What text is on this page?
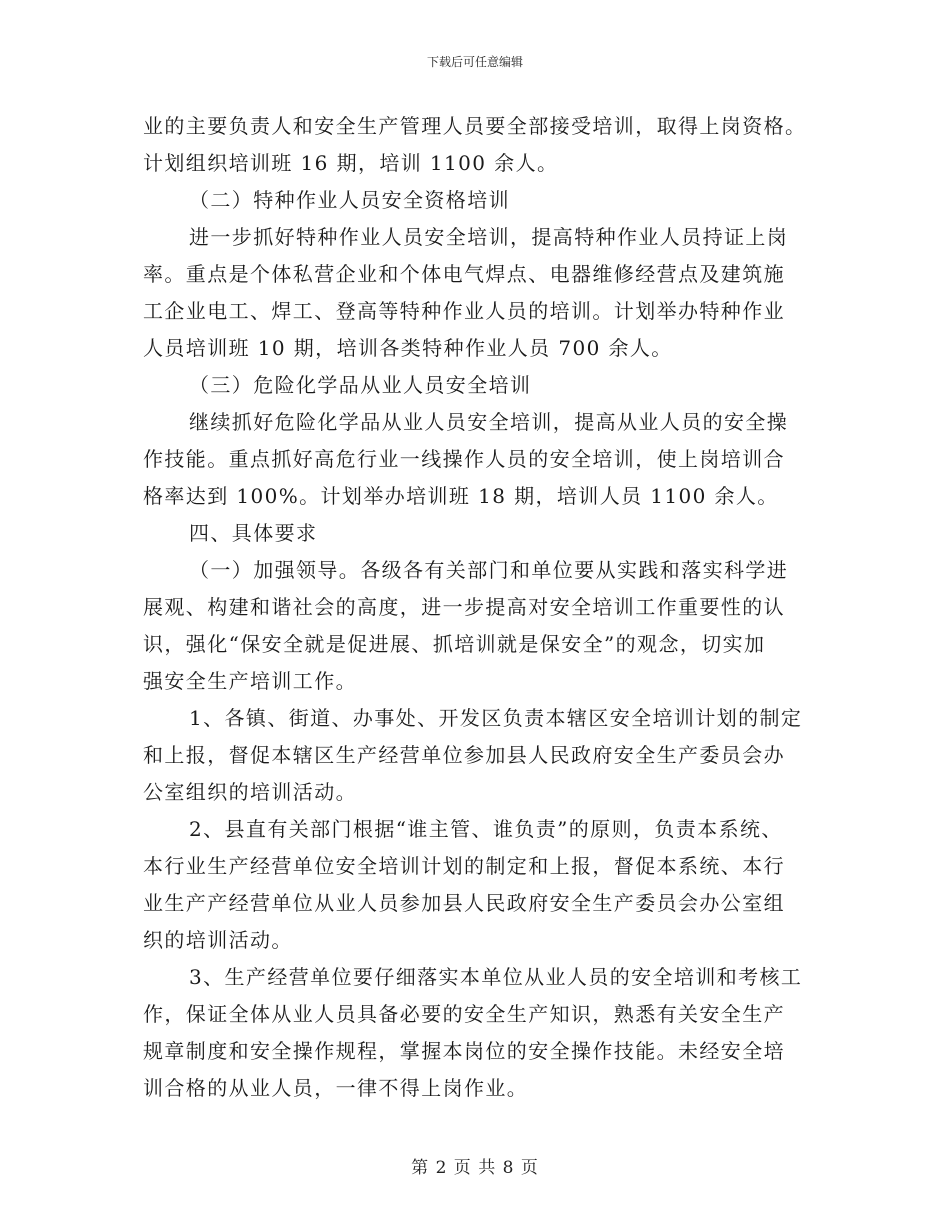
下载后可任意编辑
业的主要负责人和安全生产管理人员要全部接受培训，取得上岗资格。
计划组织培训班 16 期，培训 1100 余人。
（二）特种作业人员安全资格培训
进一步抓好特种作业人员安全培训，提高特种作业人员持证上岗
率。重点是个体私营企业和个体电气焊点、电器维修经营点及建筑施
工企业电工、焊工、登高等特种作业人员的培训。计划举办特种作业
人员培训班 10 期，培训各类特种作业人员 700 余人。
（三）危险化学品从业人员安全培训
继续抓好危险化学品从业人员安全培训，提高从业人员的安全操
作技能。重点抓好高危行业一线操作人员的安全培训，使上岗培训合
格率达到 100%。计划举办培训班 18 期，培训人员 1100 余人。
四、具体要求
（一）加强领导。各级各有关部门和单位要从实践和落实科学进
展观、构建和谐社会的高度，进一步提高对安全培训工作重要性的认
识，强化“保安全就是促进展、抓培训就是保安全”的观念，切实加
强安全生产培训工作。
1、各镇、街道、办事处、开发区负责本辖区安全培训计划的制定
和上报，督促本辖区生产经营单位参加县人民政府安全生产委员会办
公室组织的培训活动。
2、县直有关部门根据“谁主管、谁负责”的原则，负责本系统、
本行业生产经营单位安全培训计划的制定和上报，督促本系统、本行
业生产产经营单位从业人员参加县人民政府安全生产委员会办公室组
织的培训活动。
3、生产经营单位要仔细落实本单位从业人员的安全培训和考核工
作，保证全体从业人员具备必要的安全生产知识，熟悉有关安全生产
规章制度和安全操作规程，掌握本岗位的安全操作技能。未经安全培
训合格的从业人员，一律不得上岗作业。
第 2 页 共 8 页
